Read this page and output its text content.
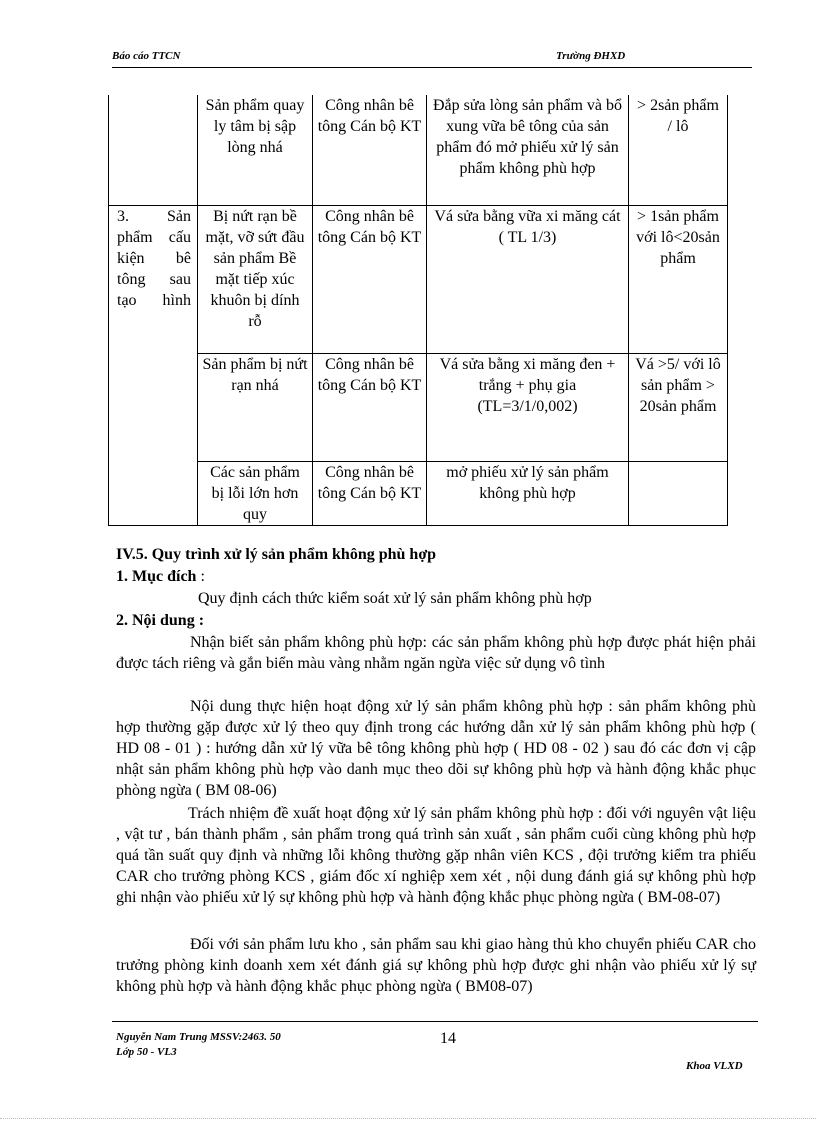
Báo cáo TTCN	Trường ĐHXD
	Sản phẩm quay ly tâm bị sập lòng nhá	Công nhân bê tông Cán bộ KT	Đắp sửa lòng sản phẩm và bổ xung vữa bê tông của sản phẩm đó mở phiếu xử lý sản phẩm không phù hợp	> 2sản phẩm / lô
3. Sản phẩm cấu kiện bê tông sau tạo hình	Bị nứt rạn bề mặt, vỡ sứt đầu sản phẩm Bề mặt tiếp xúc khuôn bị dính rỗ	Công nhân bê tông Cán bộ KT	Vá sửa bằng vữa xi măng cát ( TL 1/3)	> 1sản phẩm với lô<20sản phẩm
	Sản phẩm bị nứt rạn nhá	Công nhân bê tông Cán bộ KT	Vá sửa bằng xi măng đen + trắng + phụ gia (TL=3/1/0,002)	Vá >5/ với lô sản phẩm > 20sản phẩm
	Các sản phẩm bị lỗi lớn hơn quy	Công nhân bê tông Cán bộ KT	mở phiếu xử lý sản phẩm không phù hợp	
IV.5. Quy trình xử lý sản phẩm không phù hợp
1. Mục đích :
Quy định cách thức kiểm soát xử lý sản phẩm không phù hợp
2. Nội dung :
Nhận biết sản phẩm không phù hợp: các sản phẩm không phù hợp được phát hiện phải được tách riêng và gắn biển màu vàng nhằm ngăn ngừa việc sử dụng vô tình
Nội dung thực hiện hoạt động xử lý sản phẩm không phù hợp : sản phẩm không phù hợp thường gặp được xử lý theo quy định trong các hướng dẫn xử lý sản phẩm không phù hợp ( HD 08 - 01 ) : hướng dẫn xử lý vữa bê tông không phù hợp ( HD 08 - 02 ) sau đó các đơn vị cập nhật sản phẩm không phù hợp vào danh mục theo dõi sự không phù hợp và hành động khắc phục phòng ngừa ( BM 08-06)
Trách nhiệm đề xuất hoạt động xử lý sản phẩm không phù hợp : đối với nguyên vật liệu , vật tư , bán thành phẩm , sản phẩm trong quá trình sản xuất , sản phẩm cuối cùng không phù hợp quá tần suất quy định và những lỗi không thường gặp nhân viên KCS , đội trưởng kiểm tra phiếu CAR cho trưởng phòng KCS , giám đốc xí nghiệp xem xét , nội dung đánh giá sự không phù hợp ghi nhận vào phiếu xử lý sự không phù hợp và hành động khắc phục phòng ngừa ( BM-08-07)
Đối với sản phẩm lưu kho , sản phẩm sau khi giao hàng thủ kho chuyển phiếu CAR cho trưởng phòng kinh doanh xem xét đánh giá sự không phù hợp được ghi nhận vào phiếu xử lý sự không phù hợp và hành động khắc phục phòng ngừa ( BM08-07)
Nguyễn Nam Trung MSSV:2463. 50
Lớp 50 - VL3
14
Khoa VLXD
